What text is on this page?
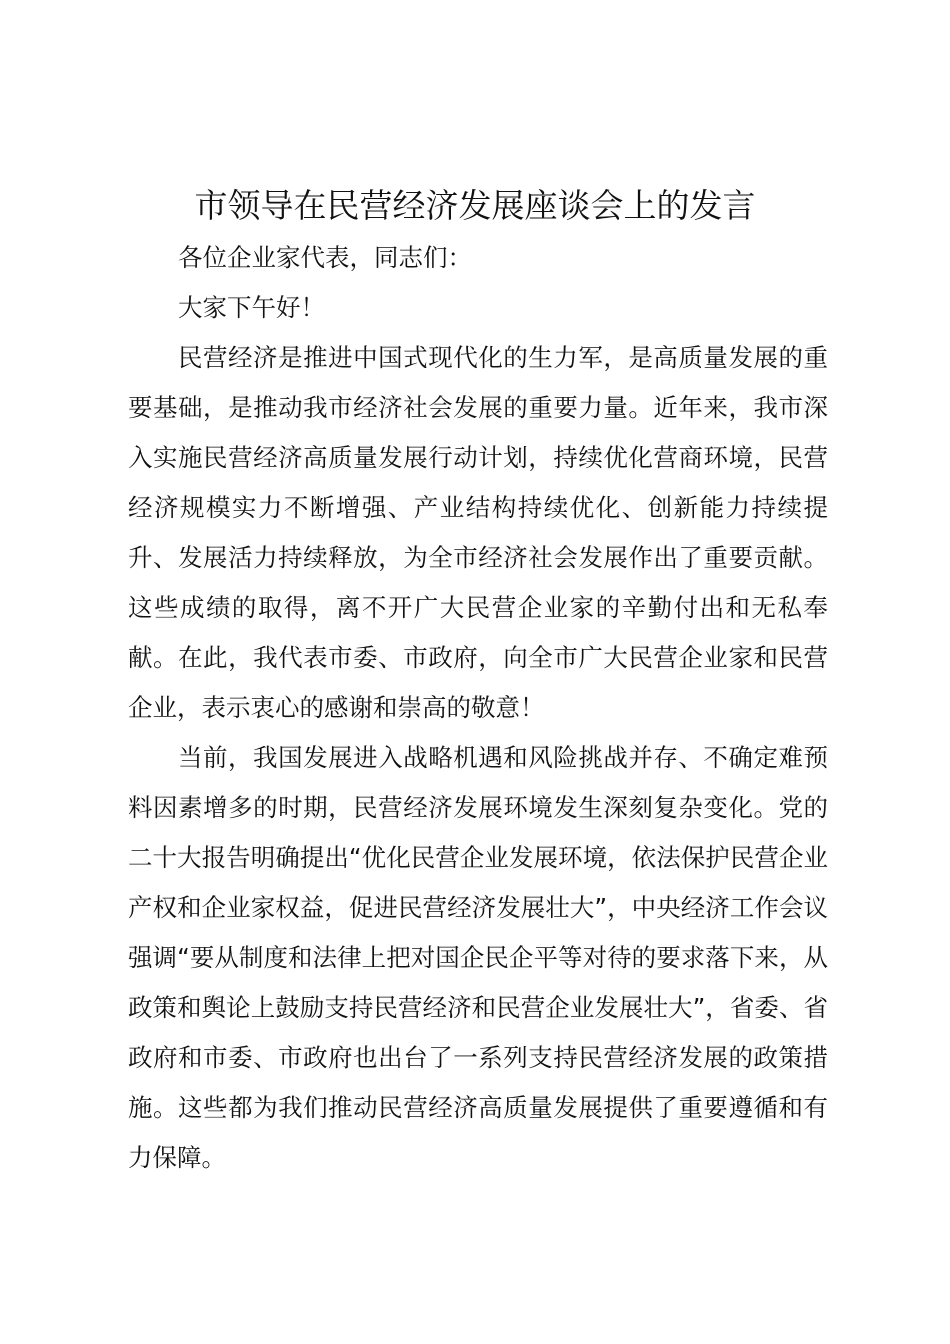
市领导在民营经济发展座谈会上的发言

各位企业家代表，同志们：

大家下午好！

民营经济是推进中国式现代化的生力军，是高质量发展的重要基础，是推动我市经济社会发展的重要力量。近年来，我市深入实施民营经济高质量发展行动计划，持续优化营商环境，民营经济规模实力不断增强、产业结构持续优化、创新能力持续提升、发展活力持续释放，为全市经济社会发展作出了重要贡献。这些成绩的取得，离不开广大民营企业家的辛勤付出和无私奉献。在此，我代表市委、市政府，向全市广大民营企业家和民营企业，表示衷心的感谢和崇高的敬意！

当前，我国发展进入战略机遇和风险挑战并存、不确定难预料因素增多的时期，民营经济发展环境发生深刻复杂变化。党的二十大报告明确提出“优化民营企业发展环境，依法保护民营企业产权和企业家权益，促进民营经济发展壮大”，中央经济工作会议强调“要从制度和法律上把对国企民企平等对待的要求落下来，从政策和舆论上鼓励支持民营经济和民营企业发展壮大”，省委、省政府和市委、市政府也出台了一系列支持民营经济发展的政策措施。这些都为我们推动民营经济高质量发展提供了重要遵循和有力保障。
